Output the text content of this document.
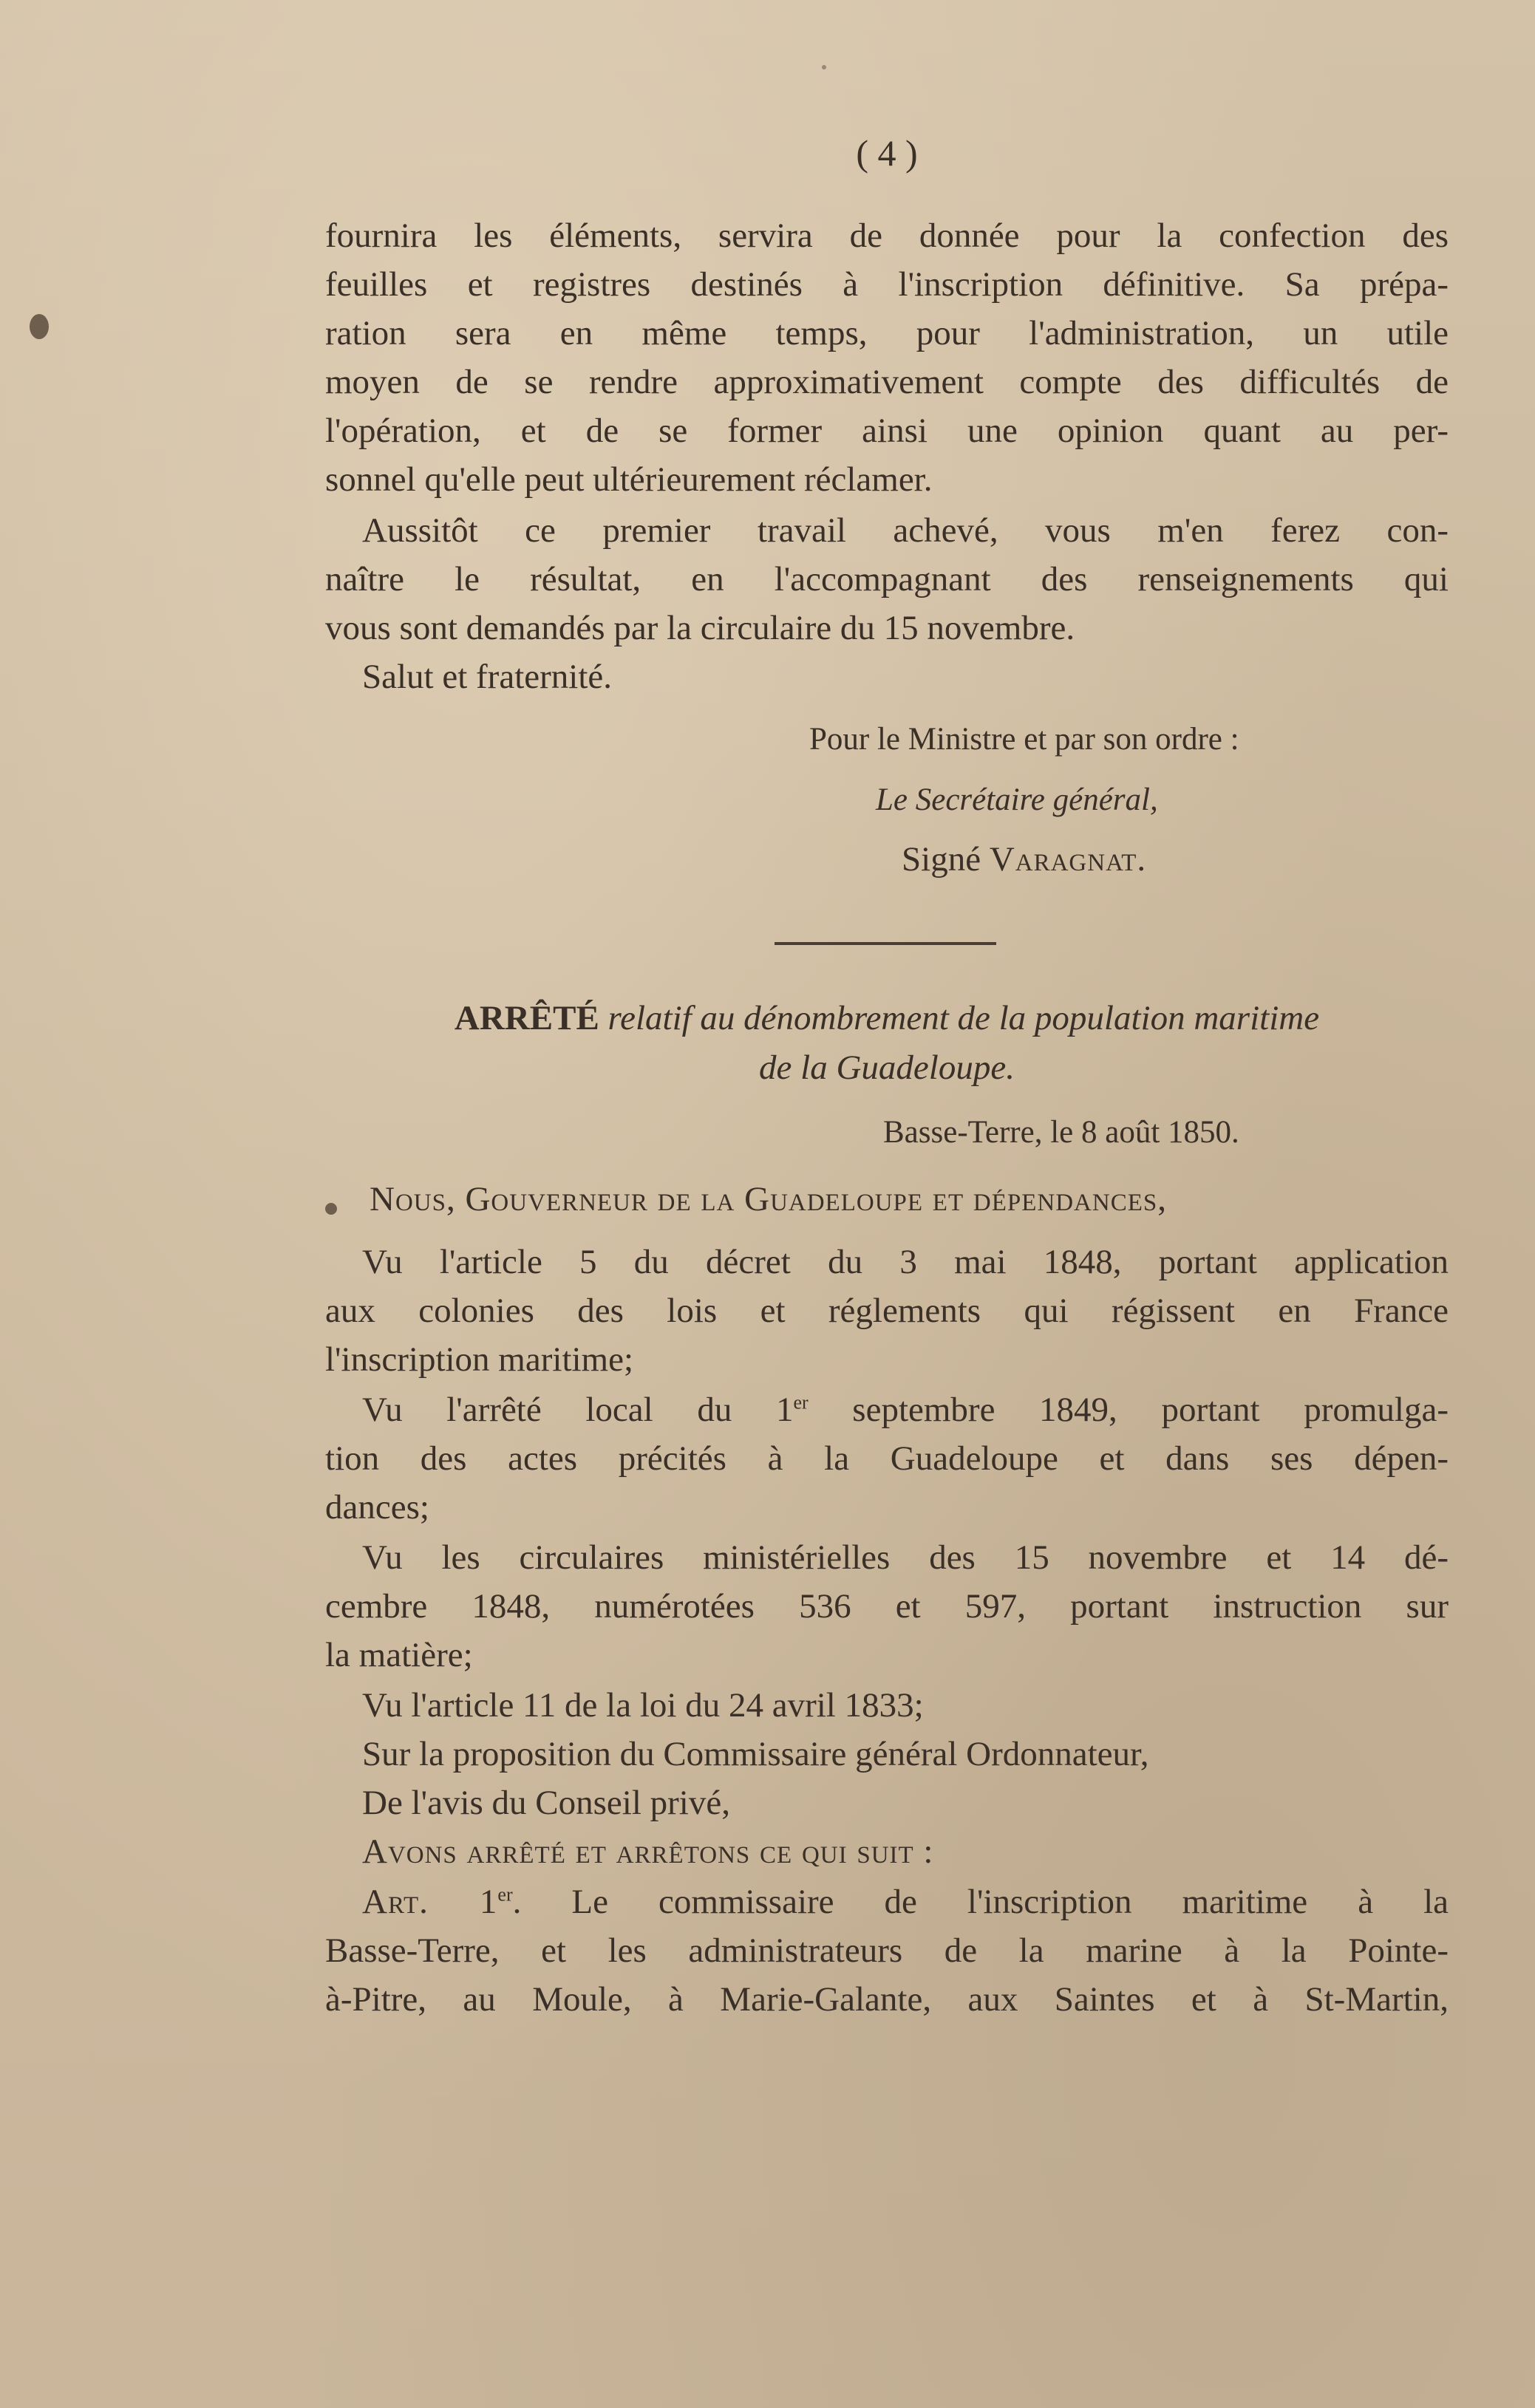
( 4 )
fournira les éléments, servira de donnée pour la confection des
feuilles et registres destinés à l'inscription définitive. Sa prépa-
ration sera en même temps, pour l'administration, un utile
moyen de se rendre approximativement compte des difficultés de
l'opération, et de se former ainsi une opinion quant au per-
sonnel qu'elle peut ultérieurement réclamer.
Aussitôt ce premier travail achevé, vous m'en ferez con-
naître le résultat, en l'accompagnant des renseignements qui
vous sont demandés par la circulaire du 15 novembre.
Salut et fraternité.
Pour le Ministre et par son ordre :
Le Secrétaire général,
Signé Varagnat.
ARRÊTÉ relatif au dénombrement de la population maritime
de la Guadeloupe.
Basse-Terre, le 8 août 1850.
Nous, Gouverneur de la Guadeloupe et dépendances,
Vu l'article 5 du décret du 3 mai 1848, portant application
aux colonies des lois et réglements qui régissent en France
l'inscription maritime;
Vu l'arrêté local du 1er septembre 1849, portant promulga-
tion des actes précités à la Guadeloupe et dans ses dépen-
dances;
Vu les circulaires ministérielles des 15 novembre et 14 dé-
cembre 1848, numérotées 536 et 597, portant instruction sur
la matière;
Vu l'article 11 de la loi du 24 avril 1833;
Sur la proposition du Commissaire général Ordonnateur,
De l'avis du Conseil privé,
Avons arrêté et arrêtons ce qui suit :
Art. 1er. Le commissaire de l'inscription maritime à la
Basse-Terre, et les administrateurs de la marine à la Pointe-
à-Pitre, au Moule, à Marie-Galante, aux Saintes et à St-Martin,
